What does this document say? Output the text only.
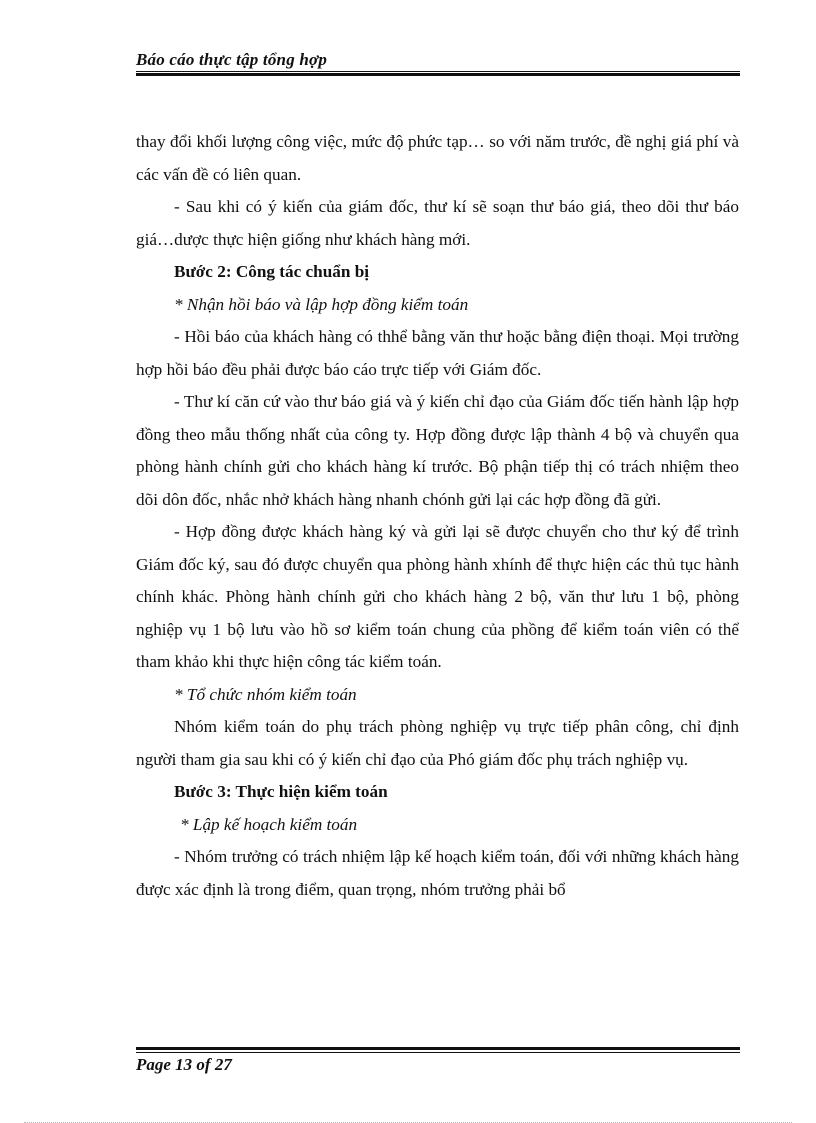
Báo cáo thực tập tổng hợp

thay đổi khối lượng công việc, mức độ phức tạp… so với năm trước, đề nghị giá phí và các vấn đề có liên quan.

- Sau khi có ý kiến của giám đốc, thư kí sẽ soạn thư báo giá, theo dõi thư báo giá…dược thực hiện giống như khách hàng mới.

Bước 2: Công tác chuẩn bị

* Nhận hồi báo và lập hợp đồng kiểm toán

- Hồi báo của khách hàng có thhể bằng văn thư hoặc bằng điện thoại. Mọi trường hợp hồi báo đều phải được báo cáo trực tiếp với Giám đốc.

- Thư kí căn cứ vào thư báo giá và ý kiến chỉ đạo của Giám đốc tiến hành lập hợp đồng theo mẫu thống nhất của công ty. Hợp đồng được lập thành 4 bộ và chuyển qua phòng hành chính gửi cho khách hàng kí trước. Bộ phận tiếp thị có trách nhiệm theo dõi dôn đốc, nhắc nhở khách hàng nhanh chónh gửi lại các hợp đồng đã gửi.

- Hợp đồng được khách hàng ký và gửi lại sẽ được chuyển cho thư ký để trình Giám đốc ký, sau đó được chuyển qua phòng hành xhính để thực hiện các thủ tục hành chính khác. Phòng hành chính gửi cho khách hàng 2 bộ, văn thư lưu 1 bộ, phòng nghiệp vụ 1 bộ lưu vào hồ sơ kiểm toán chung của phồng để kiểm toán viên có thể tham khảo khi thực hiện công tác kiểm toán.

* Tổ chức nhóm kiểm toán

Nhóm kiểm toán do phụ trách phòng nghiệp vụ trực tiếp phân công, chỉ định người tham gia sau khi có ý kiến chỉ đạo của Phó giám đốc phụ trách nghiệp vụ.

Bước 3: Thực hiện kiểm toán

* Lập kế hoạch kiểm toán

- Nhóm trưởng có trách nhiệm lập kế hoạch kiểm toán, đối với những khách hàng được xác định là trong điểm, quan trọng, nhóm trưởng phải bổ

Page 13 of 27
